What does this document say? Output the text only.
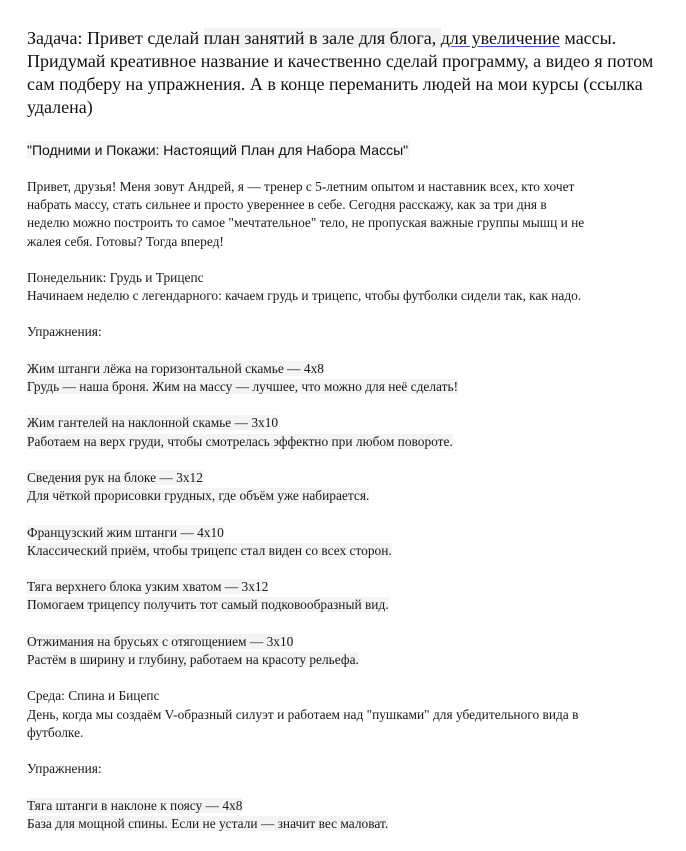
Задача: Привет сделай план занятий в зале для блога, для увеличение массы. Придумай креативное название и качественно сделай программу, а видео я потом сам подберу на упражнения. А в конце переманить людей на мои курсы (ссылка удалена)

"Подними и Покажи: Настоящий План для Набора Массы"
Привет, друзья! Меня зовут Андрей, я — тренер с 5-летним опытом и наставник всех, кто хочет
набрать массу, стать сильнее и просто увереннее в себе. Сегодня расскажу, как за три дня в
неделю можно построить то самое "мечтательное" тело, не пропуская важные группы мышц и не
жалея себя. Готовы? Тогда вперед!
Понедельник: Грудь и Трицепс
Начинаем неделю с легендарного: качаем грудь и трицепс, чтобы футболки сидели так, как надо.
Упражнения:
Жим штанги лёжа на горизонтальной скамье — 4x8
Грудь — наша броня. Жим на массу — лучшее, что можно для неё сделать!
Жим гантелей на наклонной скамье — 3x10
Работаем на верх груди, чтобы смотрелась эффектно при любом повороте.
Сведения рук на блоке — 3x12
Для чёткой прорисовки грудных, где объём уже набирается.
Французский жим штанги — 4x10
Классический приём, чтобы трицепс стал виден со всех сторон.
Тяга верхнего блока узким хватом — 3x12
Помогаем трицепсу получить тот самый подковообразный вид.
Отжимания на брусьях с отягощением — 3x10
Растём в ширину и глубину, работаем на красоту рельефа.
Среда: Спина и Бицепс
День, когда мы создаём V-образный силуэт и работаем над "пушками" для убедительного вида в
футболке.
Упражнения:
Тяга штанги в наклоне к поясу — 4x8
База для мощной спины. Если не устали — значит вес маловат.
